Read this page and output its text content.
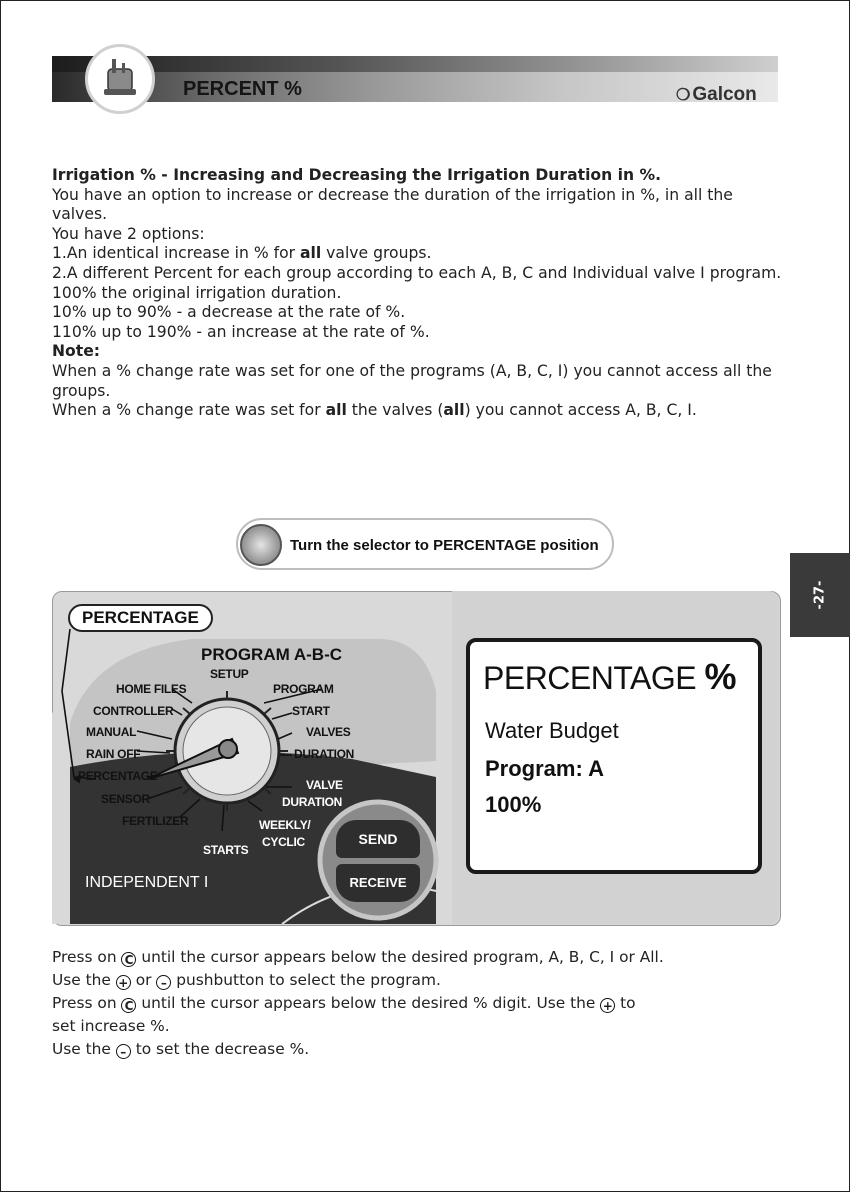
PERCENT %	❍ Galcon

Irrigation % - Increasing and Decreasing the Irrigation Duration in %.

You have an option to increase or decrease the duration of the irrigation in %, in all the valves.

You have 2 options:

1.An identical increase in % for all valve groups.

2.A different Percent for each group according to each A, B, C and Individual valve I program.

100% the original irrigation duration.

10% up to 90% - a decrease at the rate of %.

110% up to 190% - an increase at the rate of %.

Note:

When a % change rate was set for one of the programs (A, B, C, I) you cannot access all the groups.

When a % change rate was set for all the valves (all) you cannot access A, B, C, I.

Turn the selector to PERCENTAGE position
-27-
PERCENTAGE
PROGRAM A-B-C
SETUP
HOME FILES
CONTROLLER
MANUAL
RAIN OFF
PERCENTAGE
SENSOR
FERTILIZER
PROGRAM
START
VALVES
DURATION
VALVE
DURATION
WEEKLY/
CYCLIC
STARTS
INDEPENDENT I
SEND
RECEIVE
PERCENTAGE %
Water Budget
Program: A
100%

Press on C until the cursor appears below the desired program, A, B, C, I or All.

Use the + or – pushbutton to select the program.

Press on C until the cursor appears below the desired % digit. Use the + to

set increase %.

Use the – to set the decrease %.
